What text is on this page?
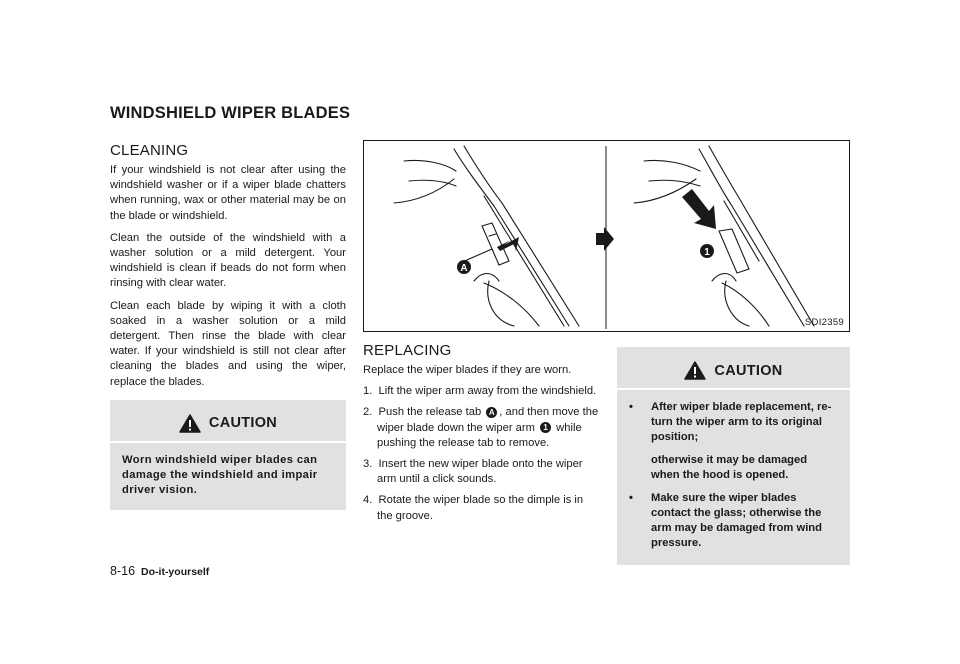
WINDSHIELD WIPER BLADES
CLEANING

If your windshield is not clear after using the windshield washer or if a wiper blade chatters when running, wax or other material may be on the blade or windshield.

Clean the outside of the windshield with a washer solution or a mild detergent. Your windshield is clean if beads do not form when rinsing with clear water.

Clean each blade by wiping it with a cloth soaked in a washer solution or a mild detergent. Then rinse the blade with clear water. If your windshield is still not clear after cleaning the blades and using the wiper, replace the blades.

CAUTION
Worn windshield wiper blades can damage the windshield and impair driver vision.
A
1
SDI2359
REPLACING

Replace the wiper blades if they are worn.

1.  Lift the wiper arm away from the windshield.
2.  Push the release tab A , and then move the wiper blade down the wiper arm 1 while pushing the release tab to remove.
3.  Insert the new wiper blade onto the wiper arm until a click sounds.
4.  Rotate the wiper blade so the dimple is in the groove.
CAUTION
•	After wiper blade replacement, re-turn the wiper arm to its original position;
otherwise it may be damaged when the hood is opened.
•	Make sure the wiper blades contact the glass; otherwise the arm may be damaged from wind pressure.
8-16 Do-it-yourself
